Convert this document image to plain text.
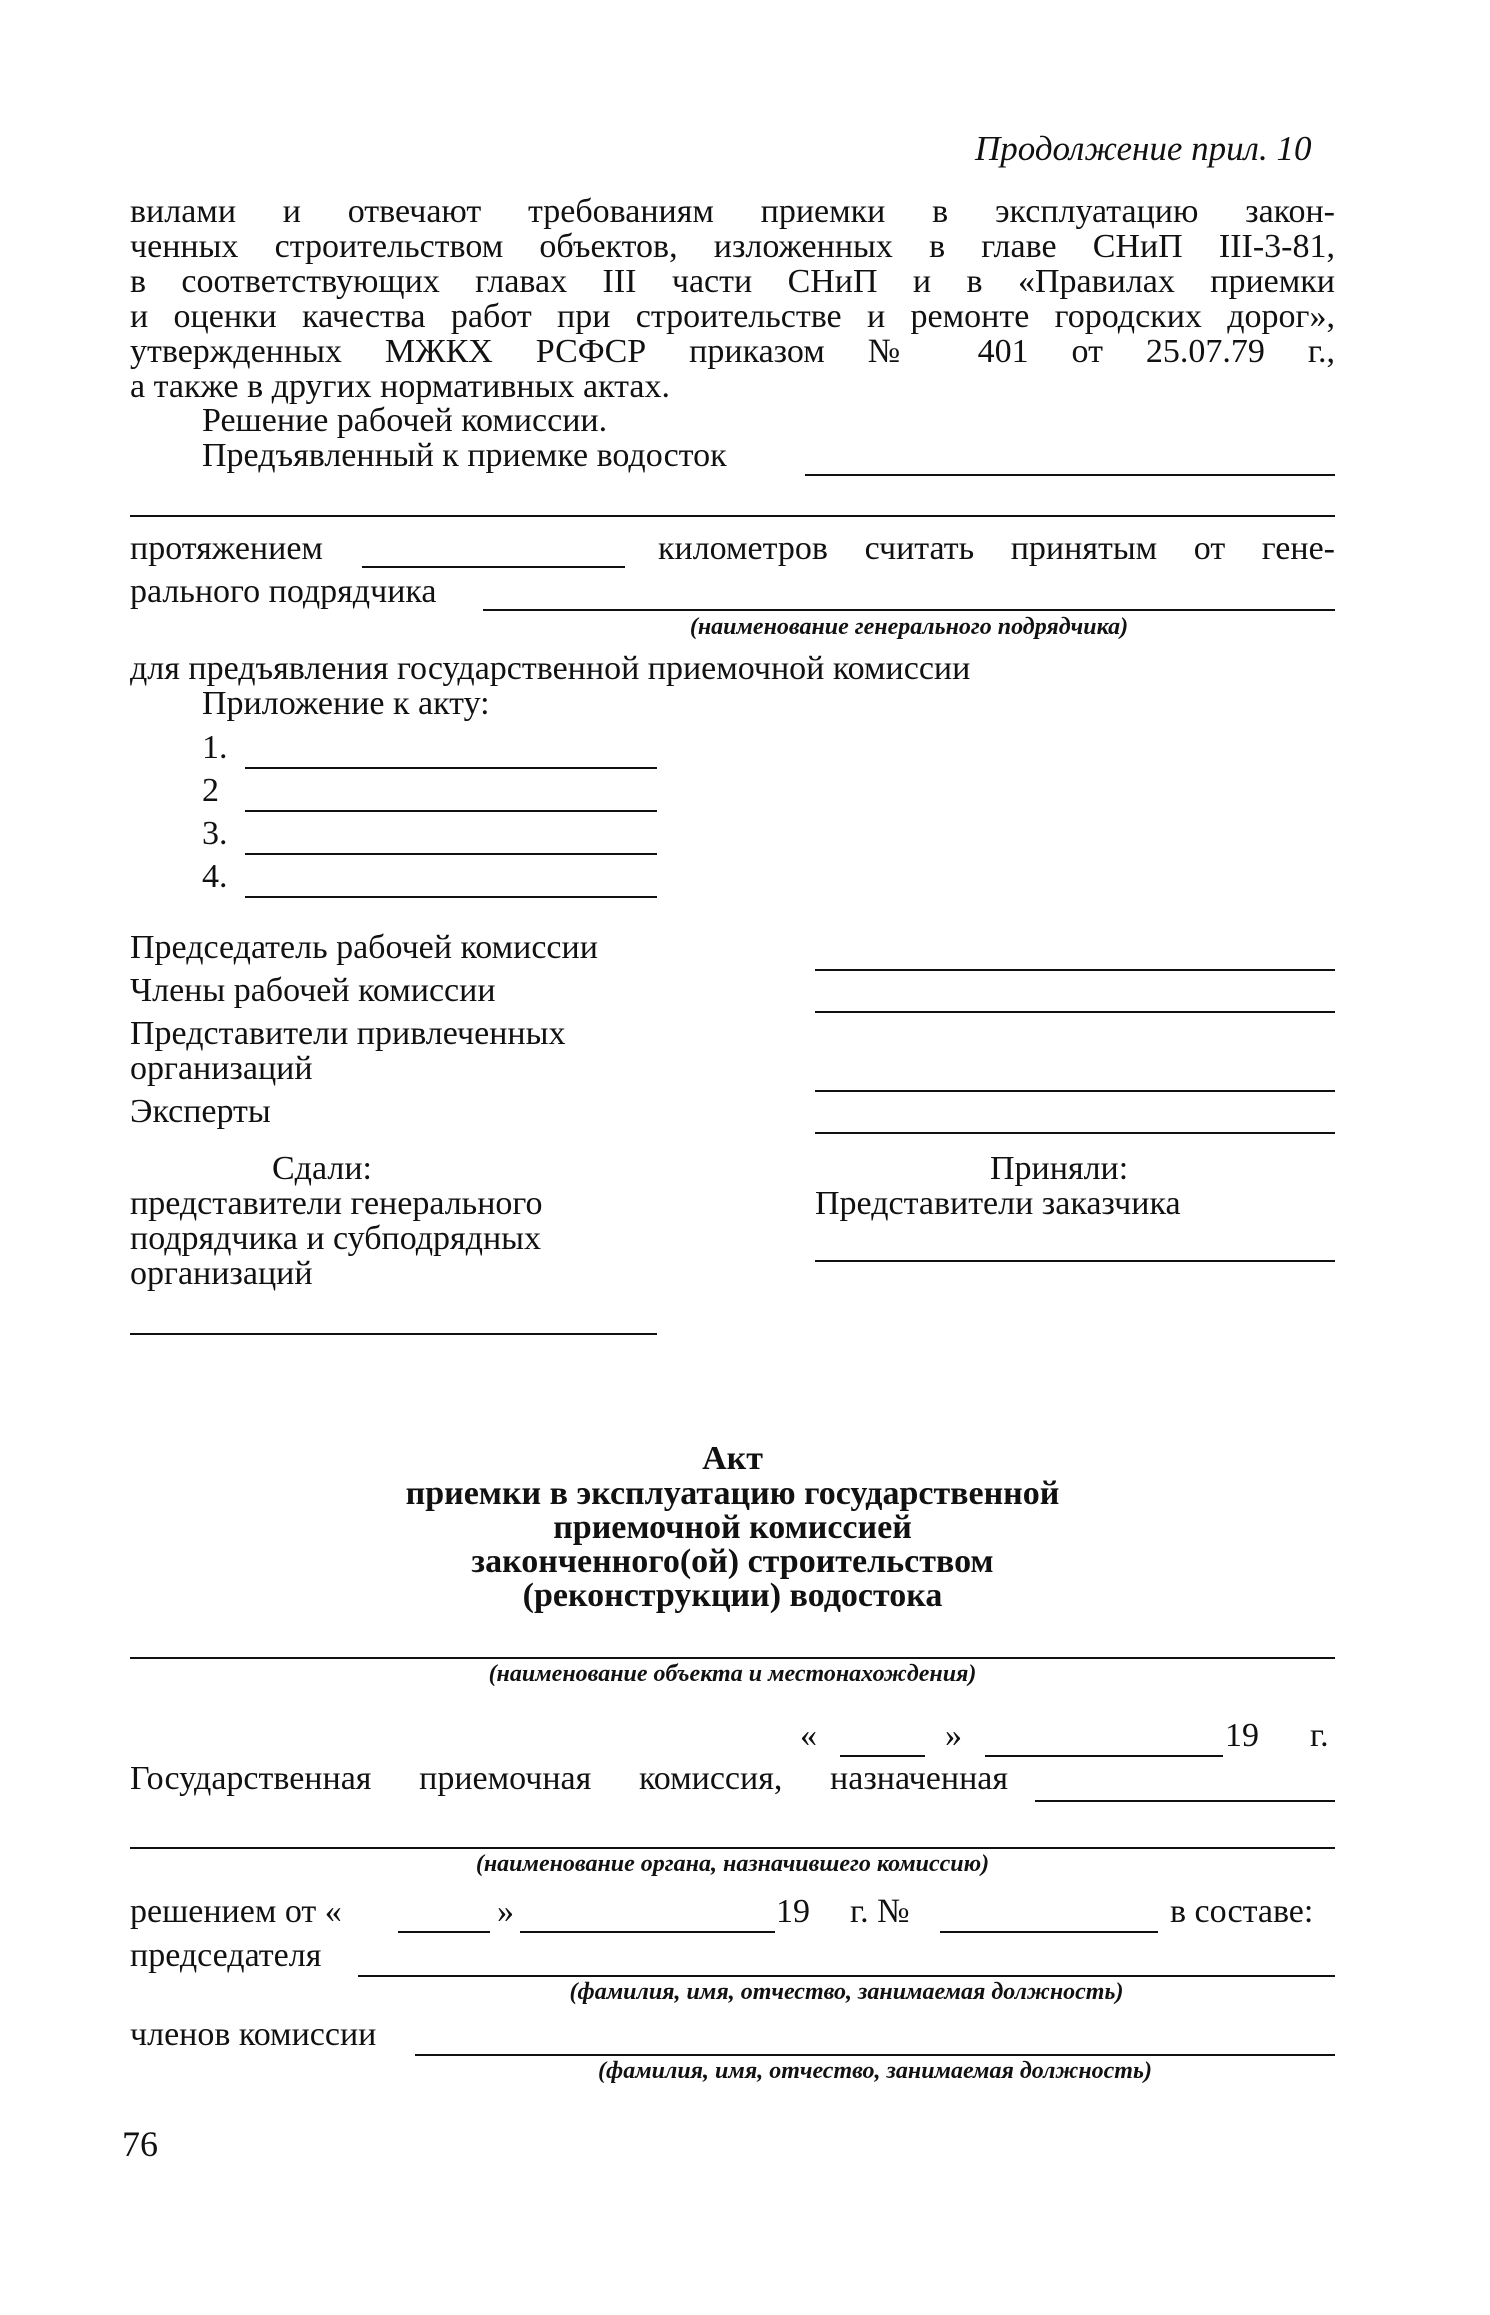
Продолжение прил. 10
вилами и отвечают требованиям приемки в эксплуатацию закон-
ченных строительством объектов, изложенных в главе СНиП III-3-81,
в соответствующих главах III части СНиП и в «Правилах приемки
и оценки качества работ при строительстве и ремонте городских дорог»,
утвержденных МЖКХ РСФСР приказом № 401 от 25.07.79 г.,
а также в других нормативных актах.
Решение рабочей комиссии.
Предъявленный к приемке водосток
протяжением	километров считать принятым от гене-
рального подрядчика
(наименование генерального подрядчика)
для предъявления государственной приемочной комиссии
Приложение к акту:
1.
2
3.
4.
Председатель рабочей комиссии
Члены рабочей комиссии
Представители привлеченных
организаций
Эксперты
Сдали:
представители генерального
подрядчика и субподрядных
организаций
Приняли:
Представители заказчика
Акт
приемки в эксплуатацию государственной
приемочной комиссией
законченного(ой) строительством
(реконструкции) водостока
(наименование объекта и местонахождения)
«	»	19 г.
Государственная приемочная комиссия, назначенная
(наименование органа, назначившего комиссию)
решением от «	»	19 г. №	в составе:
председателя
(фамилия, имя, отчество, занимаемая должность)
членов комиссии
(фамилия, имя, отчество, занимаемая должность)
76
